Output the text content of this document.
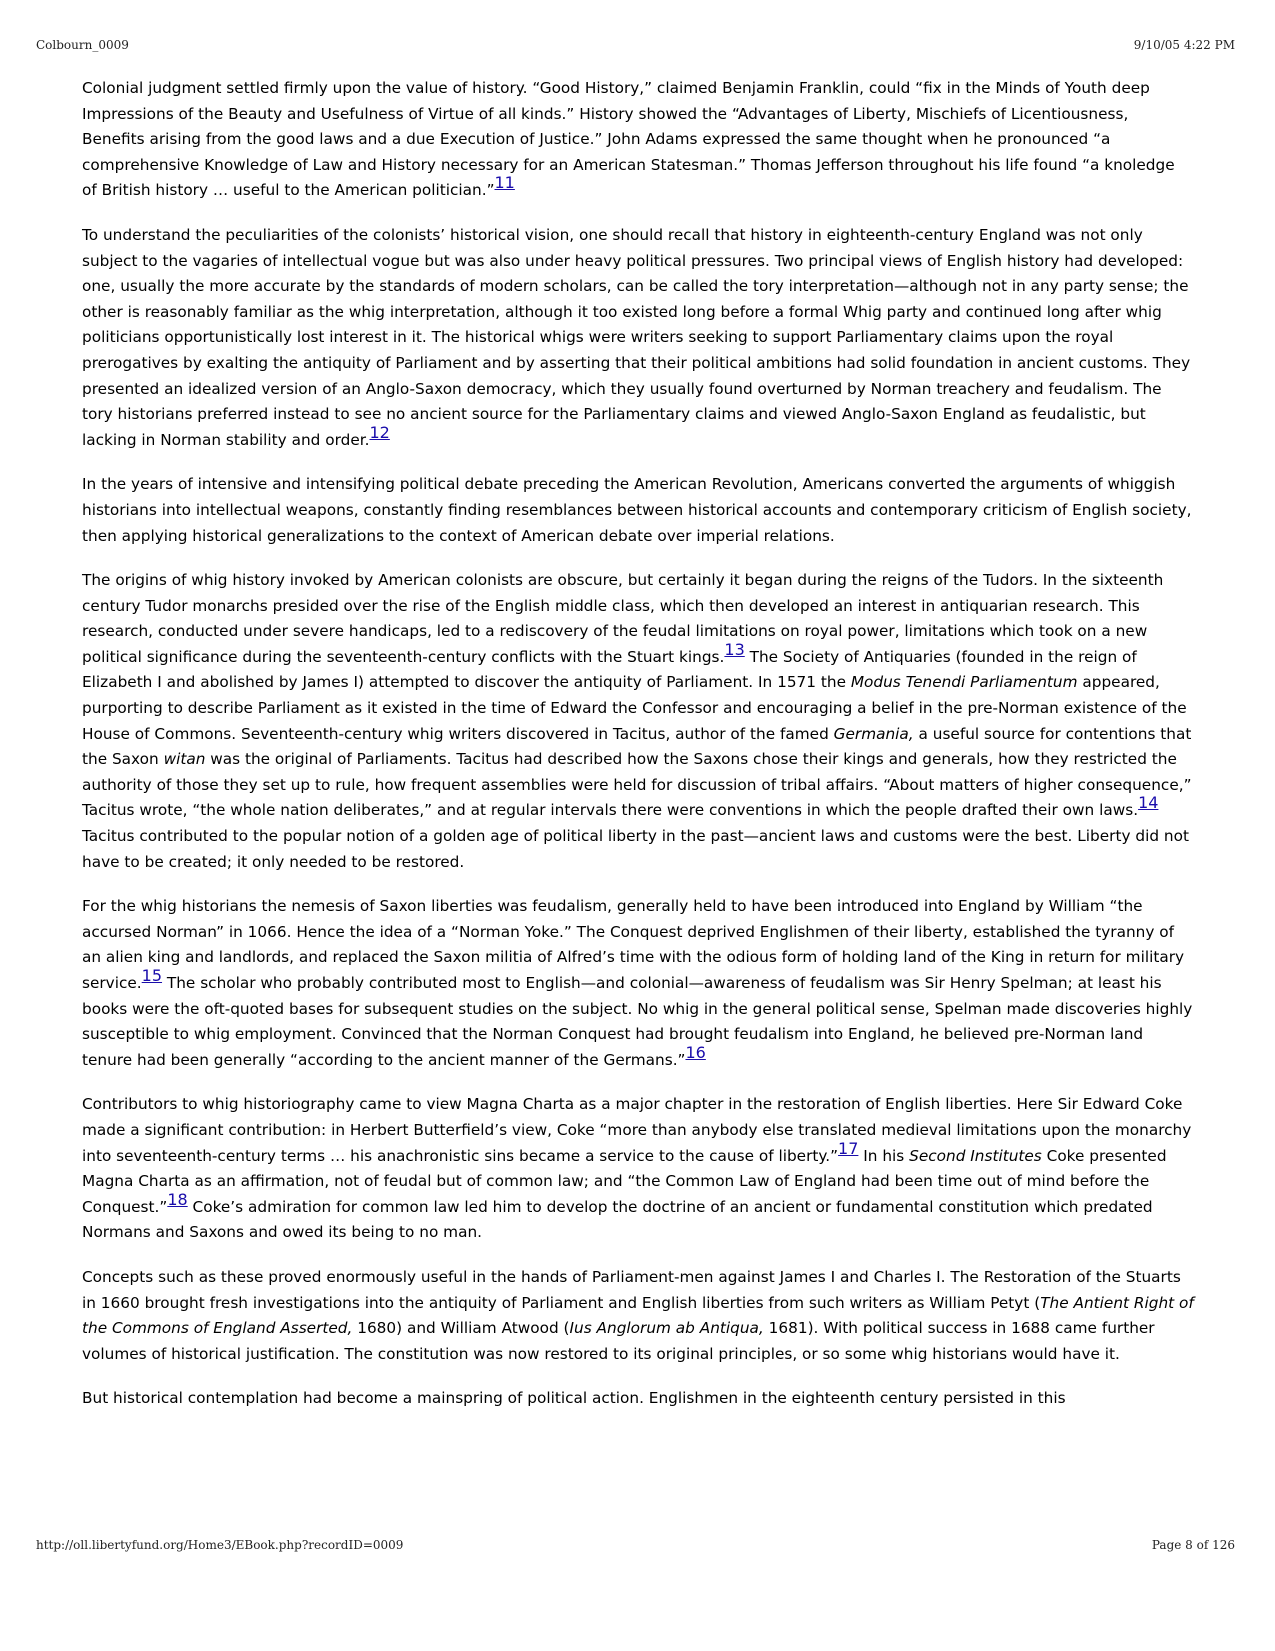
Colbourn_0009	9/10/05 4:22 PM

Colonial judgment settled firmly upon the value of history. “Good History,” claimed Benjamin Franklin, could “fix in the Minds of Youth deep Impressions of the Beauty and Usefulness of Virtue of all kinds.” History showed the “Advantages of Liberty, Mischiefs of Licentiousness, Benefits arising from the good laws and a due Execution of Justice.” John Adams expressed the same thought when he pronounced “a comprehensive Knowledge of Law and History necessary for an American Statesman.” Thomas Jefferson throughout his life found “a knoledge of British history … useful to the American politician.”$^{11}$

To understand the peculiarities of the colonists’ historical vision, one should recall that history in eighteenth-century England was not only subject to the vagaries of intellectual vogue but was also under heavy political pressures. Two principal views of English history had developed: one, usually the more accurate by the standards of modern scholars, can be called the tory interpretation—although not in any party sense; the other is reasonably familiar as the whig interpretation, although it too existed long before a formal Whig party and continued long after whig politicians opportunistically lost interest in it. The historical whigs were writers seeking to support Parliamentary claims upon the royal prerogatives by exalting the antiquity of Parliament and by asserting that their political ambitions had solid foundation in ancient customs. They presented an idealized version of an Anglo-Saxon democracy, which they usually found overturned by Norman treachery and feudalism. The tory historians preferred instead to see no ancient source for the Parliamentary claims and viewed Anglo-Saxon England as feudalistic, but lacking in Norman stability and order.$^{12}$

In the years of intensive and intensifying political debate preceding the American Revolution, Americans converted the arguments of whiggish historians into intellectual weapons, constantly finding resemblances between historical accounts and contemporary criticism of English society, then applying historical generalizations to the context of American debate over imperial relations.

The origins of whig history invoked by American colonists are obscure, but certainly it began during the reigns of the Tudors. In the sixteenth century Tudor monarchs presided over the rise of the English middle class, which then developed an interest in antiquarian research. This research, conducted under severe handicaps, led to a rediscovery of the feudal limitations on royal power, limitations which took on a new political significance during the seventeenth-century conflicts with the Stuart kings.$^{13}$ The Society of Antiquaries (founded in the reign of Elizabeth I and abolished by James I) attempted to discover the antiquity of Parliament. In 1571 the Modus Tenendi Parliamentum appeared, purporting to describe Parliament as it existed in the time of Edward the Confessor and encouraging a belief in the pre-Norman existence of the House of Commons. Seventeenth-century whig writers discovered in Tacitus, author of the famed Germania, a useful source for contentions that the Saxon witan was the original of Parliaments. Tacitus had described how the Saxons chose their kings and generals, how they restricted the authority of those they set up to rule, how frequent assemblies were held for discussion of tribal affairs. “About matters of higher consequence,” Tacitus wrote, “the whole nation deliberates,” and at regular intervals there were conventions in which the people drafted their own laws.$^{14}$ Tacitus contributed to the popular notion of a golden age of political liberty in the past—ancient laws and customs were the best. Liberty did not have to be created; it only needed to be restored.

For the whig historians the nemesis of Saxon liberties was feudalism, generally held to have been introduced into England by William “the accursed Norman” in 1066. Hence the idea of a “Norman Yoke.” The Conquest deprived Englishmen of their liberty, established the tyranny of an alien king and landlords, and replaced the Saxon militia of Alfred’s time with the odious form of holding land of the King in return for military service.$^{15}$ The scholar who probably contributed most to English—and colonial—awareness of feudalism was Sir Henry Spelman; at least his books were the oft-quoted bases for subsequent studies on the subject. No whig in the general political sense, Spelman made discoveries highly susceptible to whig employment. Convinced that the Norman Conquest had brought feudalism into England, he believed pre-Norman land tenure had been generally “according to the ancient manner of the Germans.”$^{16}$

Contributors to whig historiography came to view Magna Charta as a major chapter in the restoration of English liberties. Here Sir Edward Coke made a significant contribution: in Herbert Butterfield’s view, Coke “more than anybody else translated medieval limitations upon the monarchy into seventeenth-century terms … his anachronistic sins became a service to the cause of liberty.”$^{17}$ In his Second Institutes Coke presented Magna Charta as an affirmation, not of feudal but of common law; and “the Common Law of England had been time out of mind before the Conquest.”$^{18}$ Coke’s admiration for common law led him to develop the doctrine of an ancient or fundamental constitution which predated Normans and Saxons and owed its being to no man.

Concepts such as these proved enormously useful in the hands of Parliament-men against James I and Charles I. The Restoration of the Stuarts in 1660 brought fresh investigations into the antiquity of Parliament and English liberties from such writers as William Petyt (The Antient Right of the Commons of England Asserted, 1680) and William Atwood (Ius Anglorum ab Antiqua, 1681). With political success in 1688 came further volumes of historical justification. The constitution was now restored to its original principles, or so some whig historians would have it.

But historical contemplation had become a mainspring of political action. Englishmen in the eighteenth century persisted in this

http://oll.libertyfund.org/Home3/EBook.php?recordID=0009	Page 8 of 126
